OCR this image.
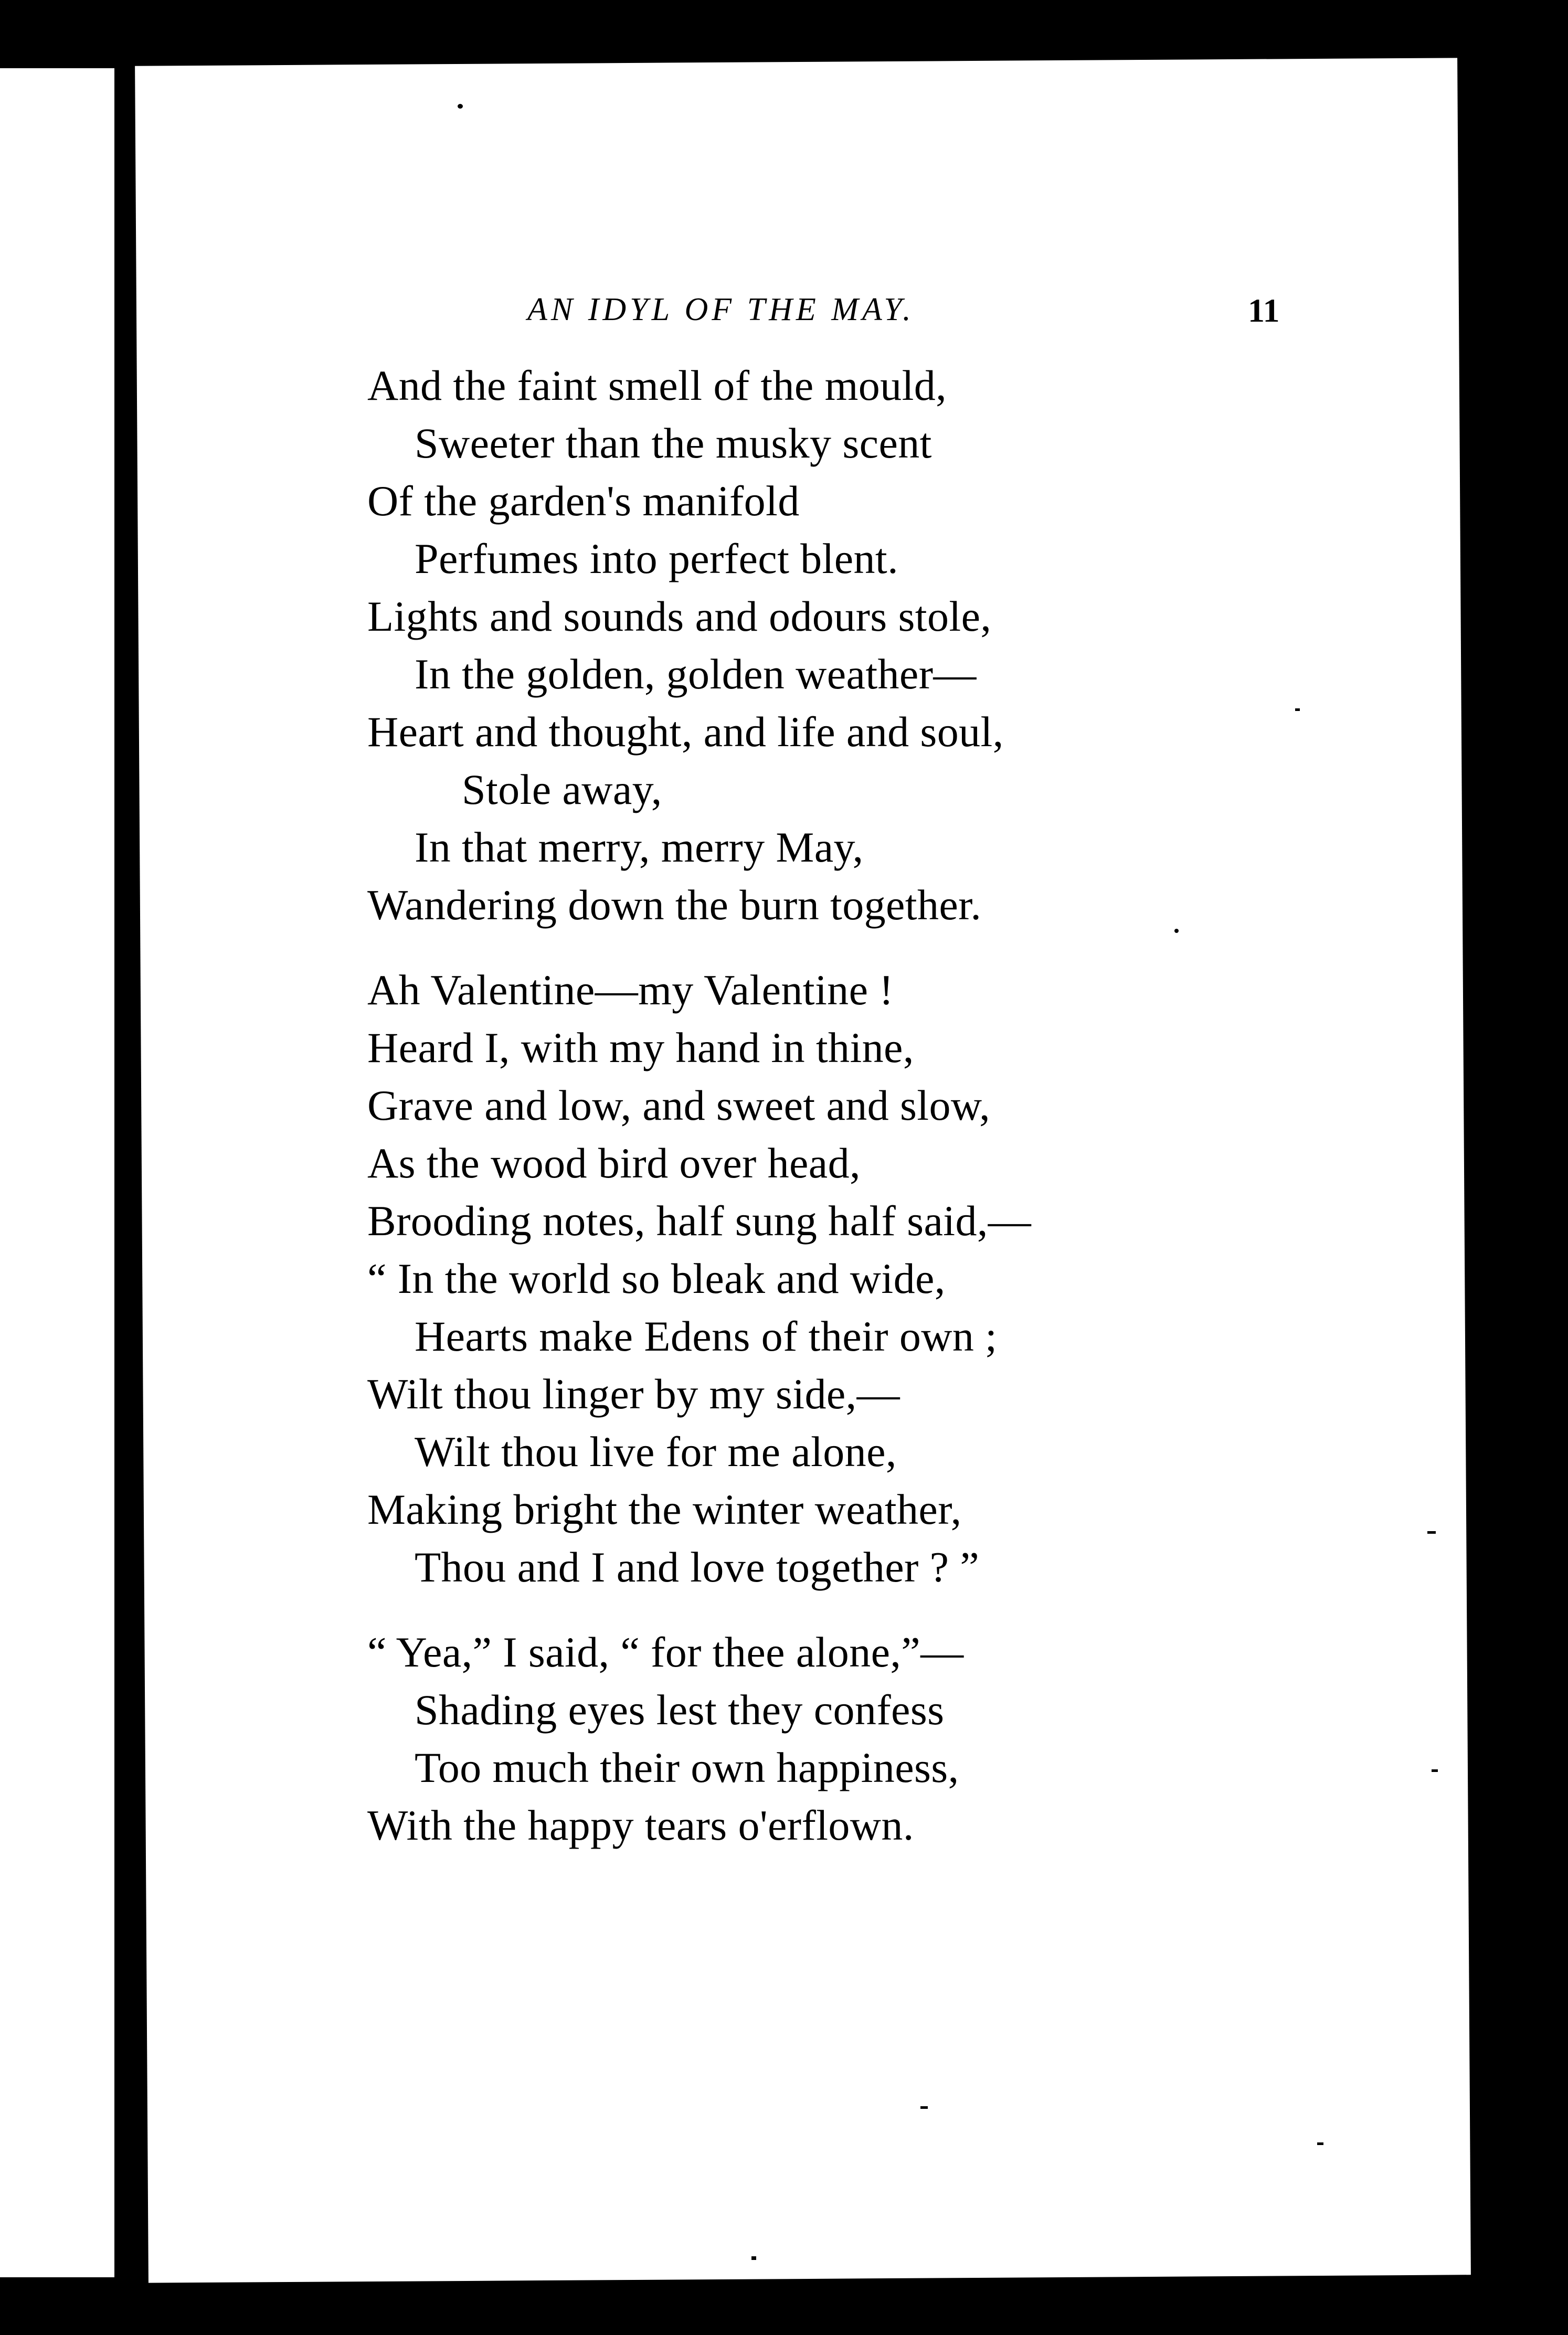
AN IDYL OF THE MAY.	11
And the faint smell of the mould,
Sweeter than the musky scent
Of the garden's manifold
Perfumes into perfect blent.
Lights and sounds and odours stole,
In the golden, golden weather—
Heart and thought, and life and soul,
Stole away,
In that merry, merry May,
Wandering down the burn together.
Ah Valentine—my Valentine !
Heard I, with my hand in thine,
Grave and low, and sweet and slow,
As the wood bird over head,
Brooding notes, half sung half said,—
“ In the world so bleak and wide,
Hearts make Edens of their own ;
Wilt thou linger by my side,—
Wilt thou live for me alone,
Making bright the winter weather,
Thou and I and love together ? ”
“ Yea,” I said, “ for thee alone,”—
Shading eyes lest they confess
Too much their own happiness,
With the happy tears o'erflown.
